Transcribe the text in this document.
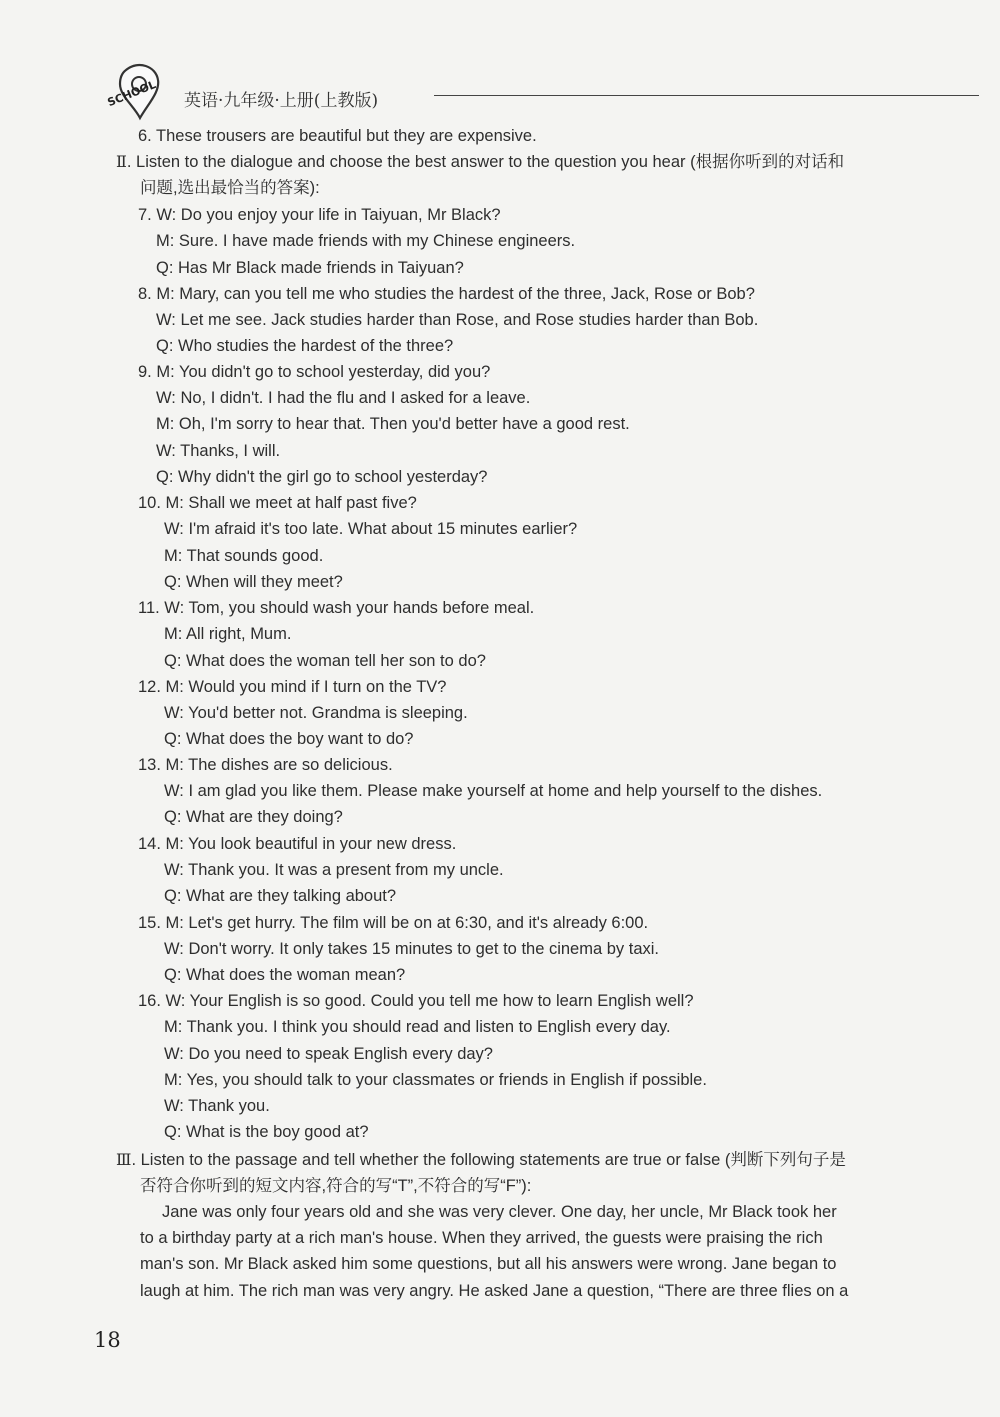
SCHOOL 英语·九年级·上册(上教版)
6. These trousers are beautiful but they are expensive.
Ⅱ. Listen to the dialogue and choose the best answer to the question you hear (根据你听到的对话和
问题,选出最恰当的答案):
7. W: Do you enjoy your life in Taiyuan, Mr Black?
M: Sure. I have made friends with my Chinese engineers.
Q: Has Mr Black made friends in Taiyuan?
8. M: Mary, can you tell me who studies the hardest of the three, Jack, Rose or Bob?
W: Let me see. Jack studies harder than Rose, and Rose studies harder than Bob.
Q: Who studies the hardest of the three?
9. M: You didn't go to school yesterday, did you?
W: No, I didn't. I had the flu and I asked for a leave.
M: Oh, I'm sorry to hear that. Then you'd better have a good rest.
W: Thanks, I will.
Q: Why didn't the girl go to school yesterday?
10. M: Shall we meet at half past five?
W: I'm afraid it's too late. What about 15 minutes earlier?
M: That sounds good.
Q: When will they meet?
11. W: Tom, you should wash your hands before meal.
M: All right, Mum.
Q: What does the woman tell her son to do?
12. M: Would you mind if I turn on the TV?
W: You'd better not. Grandma is sleeping.
Q: What does the boy want to do?
13. M: The dishes are so delicious.
W: I am glad you like them. Please make yourself at home and help yourself to the dishes.
Q: What are they doing?
14. M: You look beautiful in your new dress.
W: Thank you. It was a present from my uncle.
Q: What are they talking about?
15. M: Let's get hurry. The film will be on at 6:30, and it's already 6:00.
W: Don't worry. It only takes 15 minutes to get to the cinema by taxi.
Q: What does the woman mean?
16. W: Your English is so good. Could you tell me how to learn English well?
M: Thank you. I think you should read and listen to English every day.
W: Do you need to speak English every day?
M: Yes, you should talk to your classmates or friends in English if possible.
W: Thank you.
Q: What is the boy good at?
Ⅲ. Listen to the passage and tell whether the following statements are true or false (判断下列句子是
否符合你听到的短文内容,符合的写“T”,不符合的写“F”):
Jane was only four years old and she was very clever. One day, her uncle, Mr Black took her
to a birthday party at a rich man's house. When they arrived, the guests were praising the rich
man's son. Mr Black asked him some questions, but all his answers were wrong. Jane began to
laugh at him. The rich man was very angry. He asked Jane a question, “There are three flies on a
18
